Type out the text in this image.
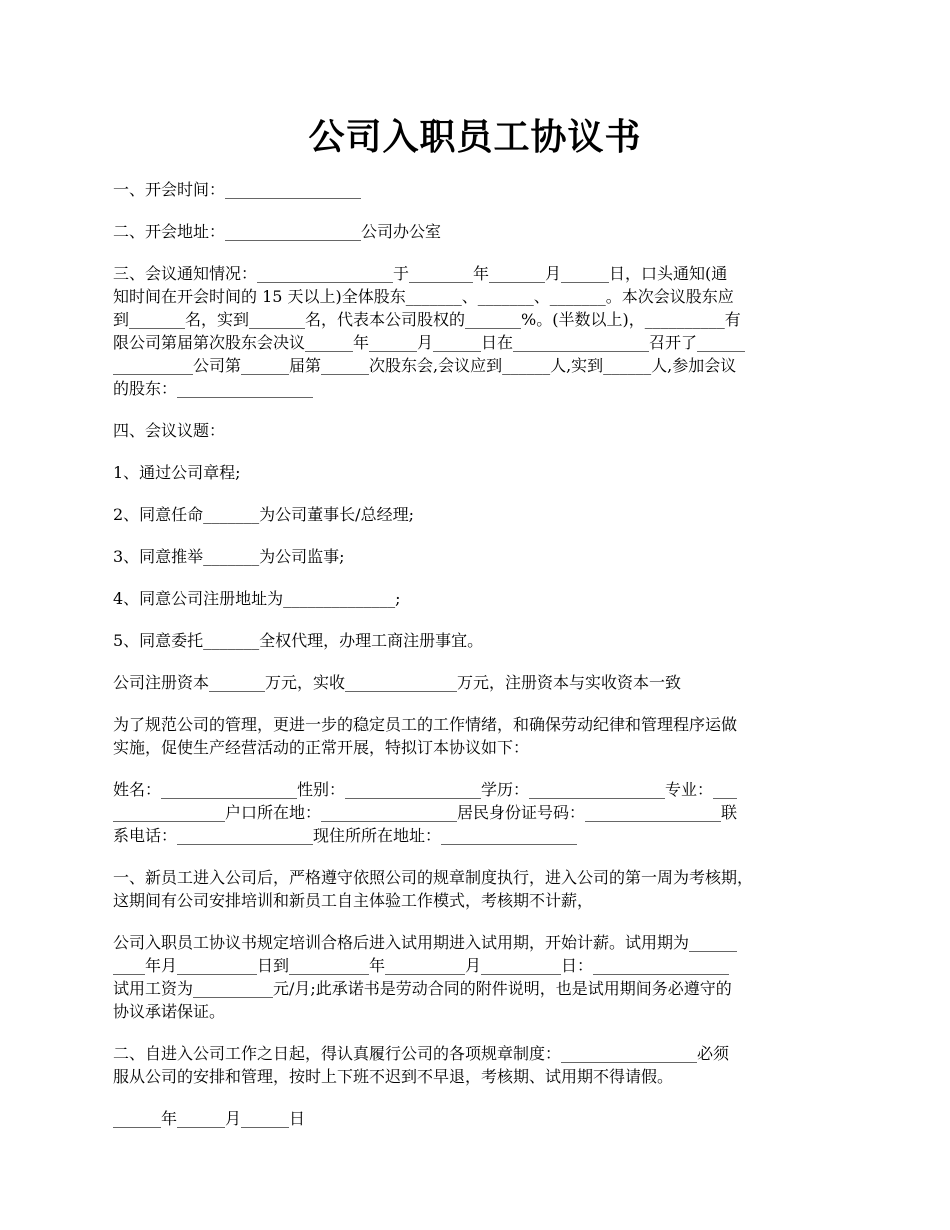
公司入职员工协议书

一、开会时间：_________________

二、开会地址：_________________公司办公室

三、会议通知情况：_________________于________年_______月______日，口头通知(通
知时间在开会时间的 15 天以上)全体股东_______、_______、_______。本次会议股东应
到_______名，实到_______名，代表本公司股权的_______%。(半数以上)，__________有
限公司第届第次股东会决议______年______月______日在_________________召开了______
__________公司第______届第______次股东会,会议应到______人,实到______人,参加会议
的股东：_________________

四、会议议题：

1、通过公司章程;

2、同意任命_______为公司董事长/总经理;

3、同意推举_______为公司监事;

4、同意公司注册地址为______________;

5、同意委托_______全权代理，办理工商注册事宜。

公司注册资本_______万元，实收______________万元，注册资本与实收资本一致

为了规范公司的管理，更进一步的稳定员工的工作情绪，和确保劳动纪律和管理程序运做
实施，促使生产经营活动的正常开展，特拟订本协议如下：

姓名：_________________性别：_________________学历：_________________专业：___
______________户口所在地：_________________居民身份证号码：_________________联
系电话：_________________现住所所在地址：_________________

一、新员工进入公司后，严格遵守依照公司的规章制度执行，进入公司的第一周为考核期，
这期间有公司安排培训和新员工自主体验工作模式，考核期不计薪，

公司入职员工协议书规定培训合格后进入试用期进入试用期，开始计薪。试用期为______
____年月__________日到__________年__________月__________日：_________________
试用工资为__________元/月;此承诺书是劳动合同的附件说明，也是试用期间务必遵守的
协议承诺保证。

二、自进入公司工作之日起，得认真履行公司的各项规章制度：_________________必须
服从公司的安排和管理，按时上下班不迟到不早退，考核期、试用期不得请假。

______年______月______日
